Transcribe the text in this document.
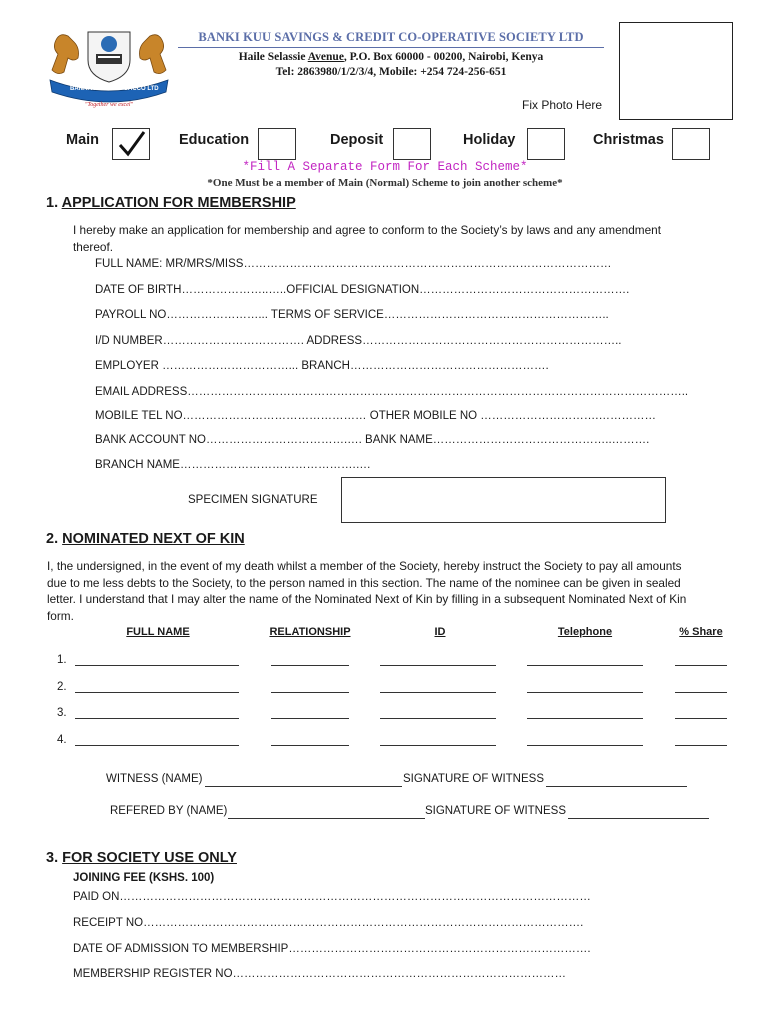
BANKI KUU	SACCO LTD
"Together we excel"
BANKI KUU SAVINGS & CREDIT CO-OPERATIVE SOCIETY LTD
Haile Selassie Avenue, P.O. Box 60000 - 00200, Nairobi, Kenya
Tel: 2863980/1/2/3/4, Mobile: +254 724-256-651
Fix Photo Here
Main	Education	Deposit	Holiday	Christmas
*Fill A Separate Form For Each Scheme*
*One Must be a member of Main (Normal) Scheme to join another scheme*
1. APPLICATION FOR MEMBERSHIP
I hereby make an application for membership and agree to conform to the Society’s by laws and any amendment thereof.
FULL NAME: MR/MRS/MISS……………………………………………………………………………………
DATE OF BIRTH…………………..…..OFFICIAL DESIGNATION……………………………………………….
PAYROLL NO……………………... TERMS OF SERVICE…………………………………………………..
I/D NUMBER………………………………. ADDRESS…………………………………………………………..
EMPLOYER ……………………………... BRANCH…………………………………………….
EMAIL ADDRESS…………………………………………………………………………………………………………………..
MOBILE TEL NO………………………………………… OTHER MOBILE NO ………………………….……………
BANK ACCOUNT NO……………………………….…. BANK NAME………………………………………..……….
BRANCH NAME……………………………………….….
SPECIMEN SIGNATURE
2. NOMINATED NEXT OF KIN
I, the undersigned, in the event of my death whilst a member of the Society, hereby instruct the Society to pay all amounts due to me less debts to the Society, to the person named in this section. The name of the nominee can be given in sealed letter. I understand that I may alter the name of the Nominated Next of Kin by filling in a subsequent Nominated Next of Kin form.
FULL NAME	RELATIONSHIP	ID	Telephone	% Share
1.
2.
3.
4.
WITNESS (NAME)	SIGNATURE OF WITNESS
REFERED BY (NAME)	SIGNATURE OF WITNESS
3. FOR SOCIETY USE ONLY
JOINING FEE (KSHS. 100)
PAID ON……………………………………………………………………………………………………………
RECEIPT NO…………………………………………………………………………………………………….
DATE OF ADMISSION TO MEMBERSHIP…………………………………………………………………….
MEMBERSHIP REGISTER NO……………………………………………………………………………
